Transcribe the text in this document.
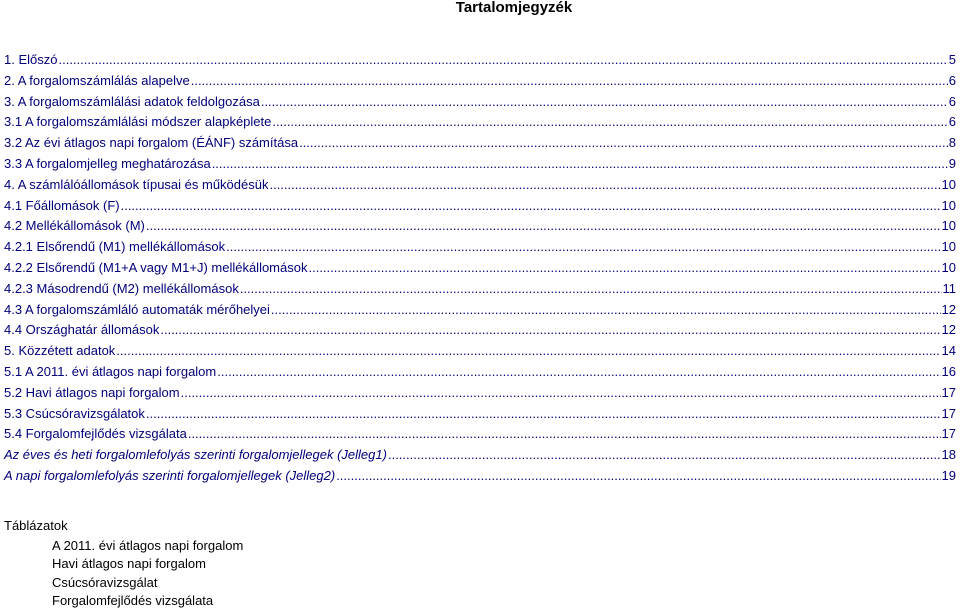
Tartalomjegyzék
1. Előszó .....	5
2. A forgalomszámlálás alapelve .....	6
3. A forgalomszámlálási adatok feldolgozása .....	6
3.1 A forgalomszámlálási módszer alapképlete .....	6
3.2 Az évi átlagos napi forgalom (ÉÁNF) számítása .....	8
3.3 A forgalomjelleg meghatározása .....	9
4. A számlálóállomások típusai és működésük .....	10
4.1 Főállomások (F) .....	10
4.2 Mellékállomások (M) .....	10
4.2.1 Elsőrendű (M1) mellékállomások .....	10
4.2.2 Elsőrendű (M1+A vagy M1+J) mellékállomások .....	10
4.2.3 Másodrendű (M2) mellékállomások .....	11
4.3 A forgalomszámláló automaták mérőhelyei .....	12
4.4 Országhatár állomások .....	12
5. Közzétett adatok .....	14
5.1 A 2011. évi átlagos napi forgalom .....	16
5.2 Havi átlagos napi forgalom .....	17
5.3 Csúcsóravizsgálatok .....	17
5.4 Forgalomfejlődés vizsgálata .....	17
Az éves és heti forgalomlefolyás szerinti forgalomjellegek (Jelleg1) .....	18
A napi forgalomlefolyás szerinti forgalomjellegek (Jelleg2) .....	19
Táblázatok
A 2011. évi átlagos napi forgalom
Havi átlagos napi forgalom
Csúcsóravizsgálat
Forgalomfejlődés vizsgálata
